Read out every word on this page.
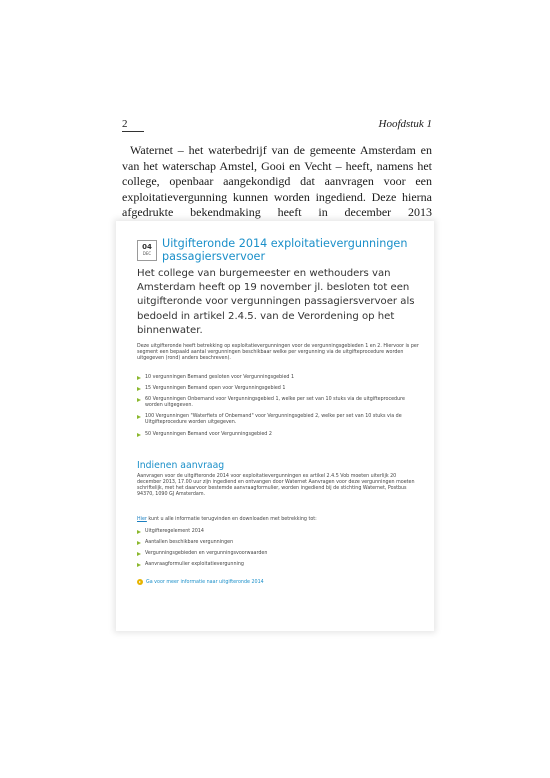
2	Hoofdstuk 1

Waternet – het waterbedrijf van de gemeente Amsterdam en van het waterschap Amstel, Gooi en Vecht – heeft, namens het college, openbaar aangekondigd dat aanvragen voor een exploitatievergunning kunnen worden ingediend. Deze hierna afgedrukte bekendmaking heeft in december 2013

04
DEC
Uitgifteronde 2014 exploitatievergunningen passagiersvervoer

Het college van burgemeester en wethouders van Amsterdam heeft op 19 november jl. besloten tot een uitgifteronde voor vergunningen passagiersvervoer als bedoeld in artikel 2.4.5. van de Verordening op het binnenwater.

Deze uitgifteronde heeft betrekking op exploitatievergunningen voor de vergunningsgebieden 1 en 2. Hiervoor is per segment een bepaald aantal vergunningen beschikbaar welke per vergunning via de uitgifteprocedure worden uitgegeven (rond) anders beschreven).

10 vergunningen Bemand gesloten voor Vergunningsgebied 1
15 Vergunningen Bemand open voor Vergunningsgebied 1
60 Vergunningen Onbemand voor Vergunningsgebied 1, welke per set van 10 stuks via de uitgifteprocedure worden uitgegeven.
100 Vergunningen "Waterfiets of Onbemand" voor Vergunningsgebied 2, welke per set van 10 stuks via de Uitgifteprocedure worden uitgegeven.
50 Vergunningen Bemand voor Vergunningsgebied 2
Indienen aanvraag

Aanvragen voor de uitgifteronde 2014 voor exploitatievergunningen ex artikel 2.4.5 Vob moeten uiterlijk 20 december 2013, 17.00 uur zijn ingediend en ontvangen door Waternet Aanvragen voor deze vergunningen moeten schriftelijk, met het daarvoor bestemde aanvraagformulier, worden ingediend bij de stichting Waternet, Postbus 94370, 1090 GJ Amsterdam.

Hier kunt u alle informatie terugvinden en downloaden met betrekking tot:

Uitgifteregelement 2014
Aantallen beschikbare vergunningen
Vergunningsgebieden en vergunningsvoorwaarden
Aanvraagformulier exploitatievergunning
Ga voor meer informatie naar uitgifteronde 2014
